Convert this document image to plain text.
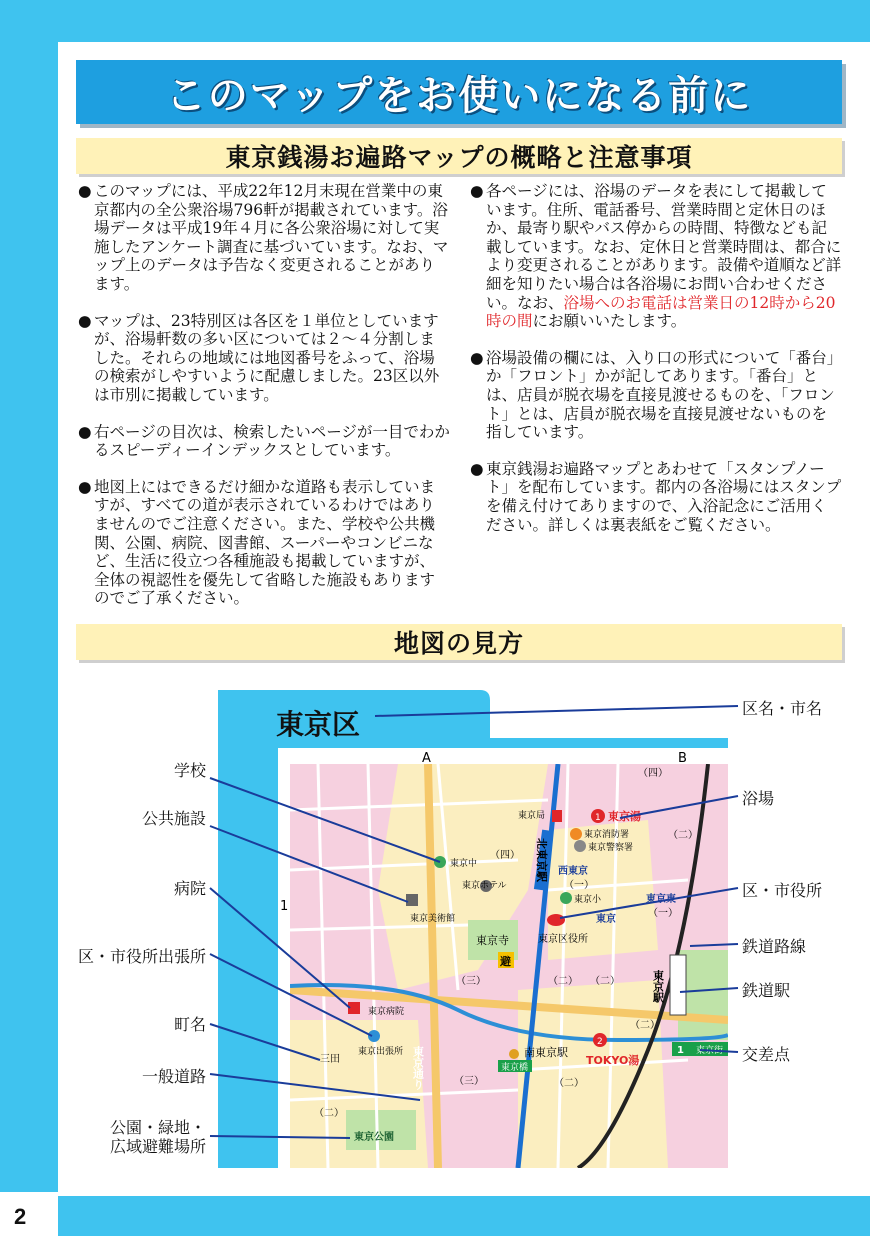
2
このマップをお使いになる前に
東京銭湯お遍路マップの概略と注意事項

● このマップには、平成22年12月末現在営業中の東京都内の全公衆浴場796軒が掲載されています。浴場データは平成19年４月に各公衆浴場に対して実施したアンケート調査に基づいています。なお、マップ上のデータは予告なく変更されることがあります。

● マップは、23特別区は各区を１単位としていますが、浴場軒数の多い区については２～４分割しました。それらの地域には地図番号をふって、浴場の検索がしやすいように配慮しました。23区以外は市別に掲載しています。

● 右ページの目次は、検索したいページが一目でわかるスピーディーインデックスとしています。

● 地図上にはできるだけ細かな道路も表示していますが、すべての道が表示されているわけではありませんのでご注意ください。また、学校や公共機関、公園、病院、図書館、スーパーやコンビニなど、生活に役立つ各種施設も掲載していますが、全体の視認性を優先して省略した施設もありますのでご了承ください。

● 各ページには、浴場のデータを表にして掲載しています。住所、電話番号、営業時間と定休日のほか、最寄り駅やバス停からの時間、特徴なども記載しています。なお、定休日と営業時間は、都合により変更されることがあります。設備や道順など詳細を知りたい場合は各浴場にお問い合わせください。なお、浴場へのお電話は営業日の12時から20時の間にお願いいたします。

● 浴場設備の欄には、入り口の形式について「番台」か「フロント」かが記してあります。「番台」とは、店員が脱衣場を直接見渡せるものを、「フロント」とは、店員が脱衣場を直接見渡せないものを指しています。

● 東京銭湯お遍路マップとあわせて「スタンプノート」を配布しています。都内の各浴場にはスタンプを備え付けてありますので、入浴記念にご活用ください。詳しくは裏表紙をご覧ください。

地図の見方
A	B
1
東京区
（四）
（四）
（一）
（一）
（二）
（二） （二）
（二）
（二）
（二）
（三）
（三）
東京中
東京美術館
東京ホテル
東京局	1 東京湯
東京消防署
東京警察署
北東京駅 西東京
東京小
東京区役所
東京
東京東
東京寺
避
東京駅
東京病院
東京出張所
三田	東京通り	南東京駅
東京橋
2
TOKYO湯
1 東京街
東京公園
区名・市名
浴場
区・市役所
鉄道路線
鉄道駅
交差点
学校
公共施設
病院
区・市役所出張所
町名
一般道路
公園・緑地・
広域避難場所
